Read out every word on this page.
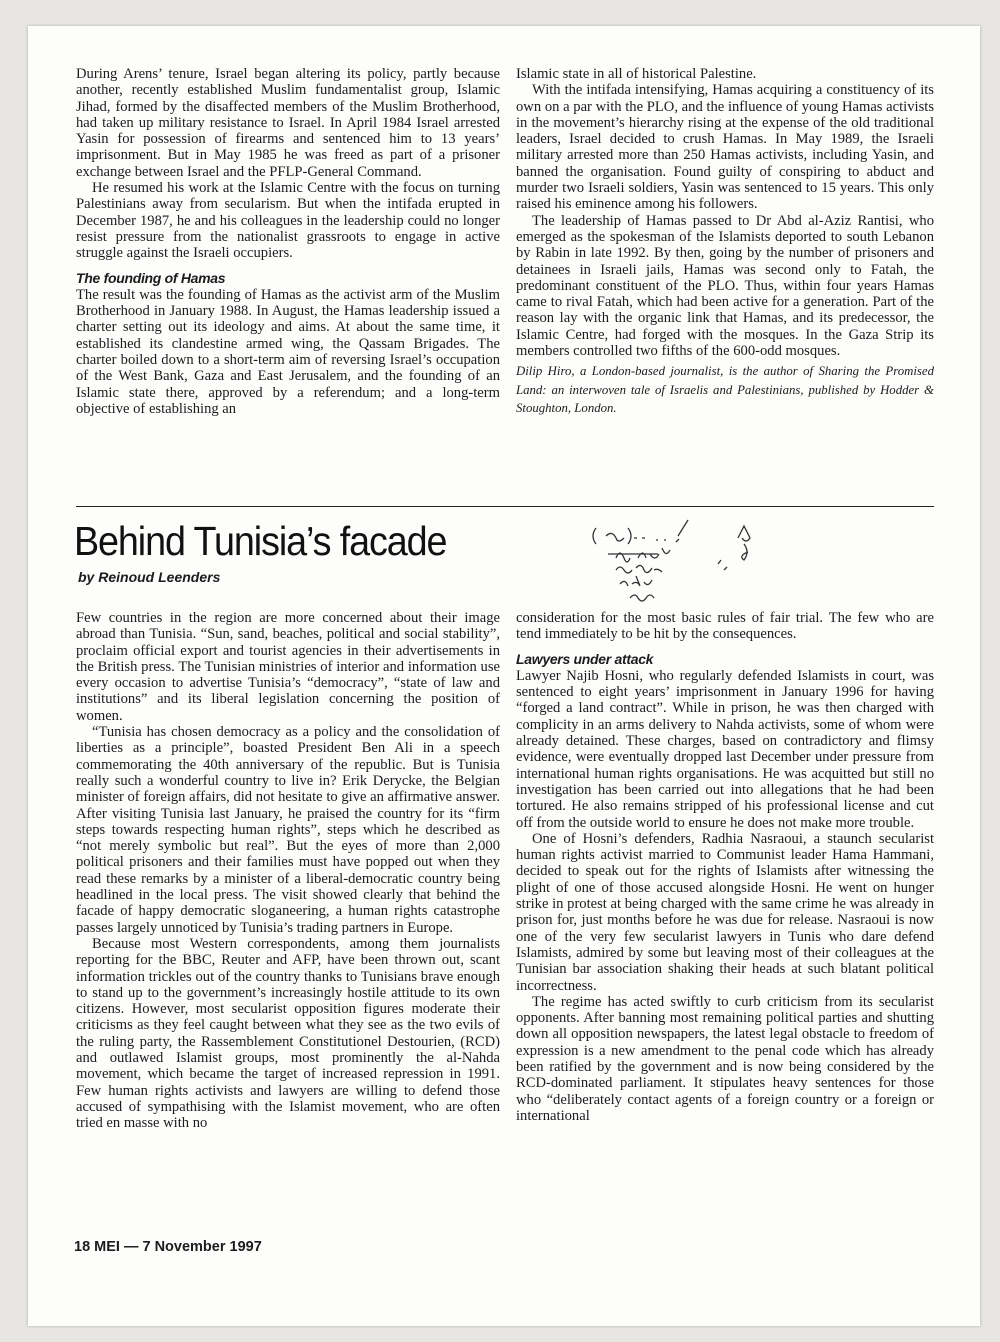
During Arens’ tenure, Israel began altering its policy, partly because another, recently established Muslim fundamentalist group, Islamic Jihad, formed by the disaffected members of the Muslim Brotherhood, had taken up military resistance to Israel. In April 1984 Israel arrested Yasin for possession of firearms and sentenced him to 13 years’ imprisonment. But in May 1985 he was freed as part of a prisoner exchange between Israel and the PFLP-General Command.

He resumed his work at the Islamic Centre with the focus on turning Palestinians away from secularism. But when the intifada erupted in December 1987, he and his colleagues in the leadership could no longer resist pressure from the nationalist grassroots to engage in active struggle against the Israeli occupiers.

The founding of Hamas

The result was the founding of Hamas as the activist arm of the Muslim Brotherhood in January 1988. In August, the Hamas leadership issued a charter setting out its ideology and aims. At about the same time, it established its clandestine armed wing, the Qassam Brigades. The charter boiled down to a short-term aim of reversing Israel’s occupation of the West Bank, Gaza and East Jerusalem, and the founding of an Islamic state there, approved by a referendum; and a long-term objective of establishing an

Islamic state in all of historical Palestine.

With the intifada intensifying, Hamas acquiring a constituency of its own on a par with the PLO, and the influence of young Hamas activists in the movement’s hierarchy rising at the expense of the old traditional leaders, Israel decided to crush Hamas. In May 1989, the Israeli military arrested more than 250 Hamas activists, including Yasin, and banned the organisation. Found guilty of conspiring to abduct and murder two Israeli soldiers, Yasin was sentenced to 15 years. This only raised his eminence among his followers.

The leadership of Hamas passed to Dr Abd al-Aziz Rantisi, who emerged as the spokesman of the Islamists deported to south Lebanon by Rabin in late 1992. By then, going by the number of prisoners and detainees in Israeli jails, Hamas was second only to Fatah, the predominant constituent of the PLO. Thus, within four years Hamas came to rival Fatah, which had been active for a generation. Part of the reason lay with the organic link that Hamas, and its predecessor, the Islamic Centre, had forged with the mosques. In the Gaza Strip its members controlled two fifths of the 600-odd mosques.

Dilip Hiro, a London-based journalist, is the author of Sharing the Promised Land: an interwoven tale of Israelis and Palestinians, published by Hodder & Stoughton, London.

Behind Tunisia’s facade
by Reinoud Leenders

Few countries in the region are more concerned about their image abroad than Tunisia. “Sun, sand, beaches, political and social stability”, proclaim official export and tourist agencies in their advertisements in the British press. The Tunisian ministries of interior and information use every occasion to advertise Tunisia’s “democracy”, “state of law and institutions” and its liberal legislation concerning the position of women.

“Tunisia has chosen democracy as a policy and the consolidation of liberties as a principle”, boasted President Ben Ali in a speech commemorating the 40th anniversary of the republic. But is Tunisia really such a wonderful country to live in? Erik Derycke, the Belgian minister of foreign affairs, did not hesitate to give an affirmative answer. After visiting Tunisia last January, he praised the country for its “firm steps towards respecting human rights”, steps which he described as “not merely symbolic but real”. But the eyes of more than 2,000 political prisoners and their families must have popped out when they read these remarks by a minister of a liberal-democratic country being headlined in the local press. The visit showed clearly that behind the facade of happy democratic sloganeering, a human rights catastrophe passes largely unnoticed by Tunisia’s trading partners in Europe.

Because most Western correspondents, among them journalists reporting for the BBC, Reuter and AFP, have been thrown out, scant information trickles out of the country thanks to Tunisians brave enough to stand up to the government’s increasingly hostile attitude to its own citizens. However, most secularist opposition figures moderate their criticisms as they feel caught between what they see as the two evils of the ruling party, the Rassemblement Constitutionel Destourien, (RCD) and outlawed Islamist groups, most prominently the al-Nahda movement, which became the target of increased repression in 1991. Few human rights activists and lawyers are willing to defend those accused of sympathising with the Islamist movement, who are often tried en masse with no

consideration for the most basic rules of fair trial. The few who are tend immediately to be hit by the consequences.

Lawyers under attack

Lawyer Najib Hosni, who regularly defended Islamists in court, was sentenced to eight years’ imprisonment in January 1996 for having “forged a land contract”. While in prison, he was then charged with complicity in an arms delivery to Nahda activists, some of whom were already detained. These charges, based on contradictory and flimsy evidence, were eventually dropped last December under pressure from international human rights organisations. He was acquitted but still no investigation has been carried out into allegations that he had been tortured. He also remains stripped of his professional license and cut off from the outside world to ensure he does not make more trouble.

One of Hosni’s defenders, Radhia Nasraoui, a staunch secularist human rights activist married to Communist leader Hama Hammani, decided to speak out for the rights of Islamists after witnessing the plight of one of those accused alongside Hosni. He went on hunger strike in protest at being charged with the same crime he was already in prison for, just months before he was due for release. Nasraoui is now one of the very few secularist lawyers in Tunis who dare defend Islamists, admired by some but leaving most of their colleagues at the Tunisian bar association shaking their heads at such blatant political incorrectness.

The regime has acted swiftly to curb criticism from its secularist opponents. After banning most remaining political parties and shutting down all opposition newspapers, the latest legal obstacle to freedom of expression is a new amendment to the penal code which has already been ratified by the government and is now being considered by the RCD-dominated parliament. It stipulates heavy sentences for those who “deliberately contact agents of a foreign country or a foreign or international

18 MEI — 7 November 1997
